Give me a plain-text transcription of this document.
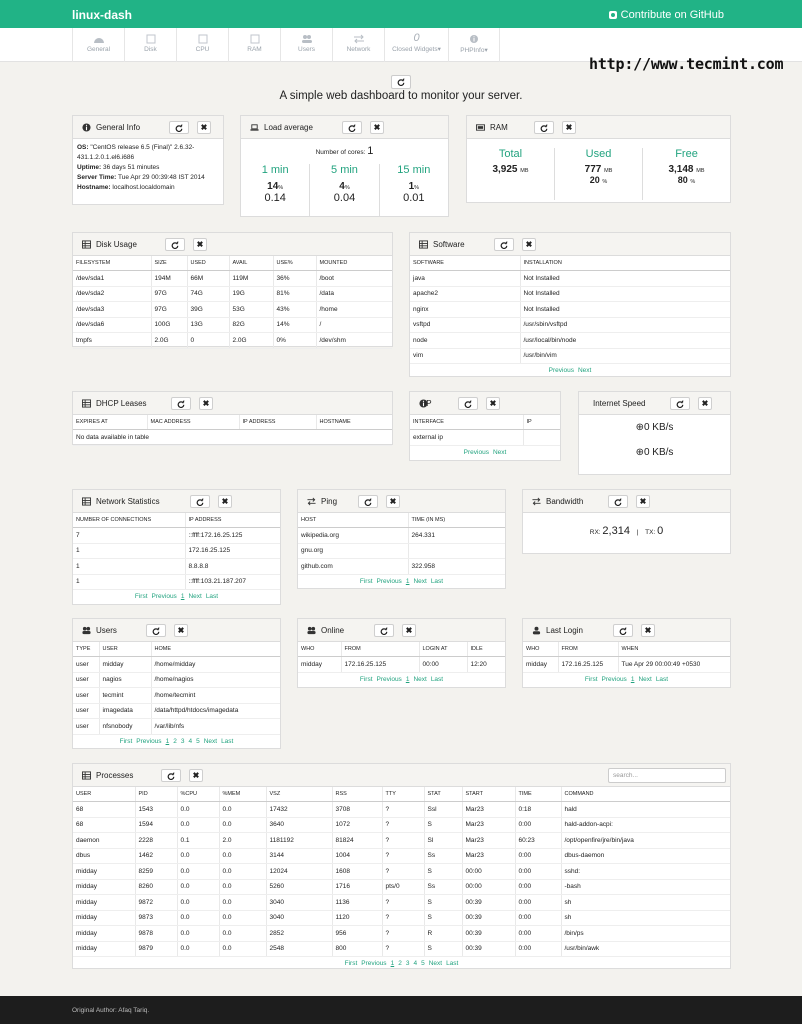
linux-dash	Contribute on GitHub
General	Disk	CPU	RAM	Users	Network
0
Closed Widgets▾	PHPInfo▾
http://www.tecmint.com
A simple web dashboard to monitor your server.
General Info	✖
OS: "CentOS release 6.5 (Final)" 2.6.32-431.1.2.0.1.el6.i686
Uptime: 36 days 51 minutes
Server Time: Tue Apr 29 00:39:48 IST 2014
Hostname: localhost.localdomain
Load average	✖
Number of cores: 1
1 min
14%
0.14
5 min
4%
0.04
15 min
1%
0.01
RAM	✖
Total
3,925 MB
Used
777 MB
20 %
Free
3,148 MB
80 %
Disk Usage	✖
FILESYSTEM	SIZE	USED	AVAIL	USE%	MOUNTED
/dev/sda1	194M	66M	119M	36%	/boot
/dev/sda2	97G	74G	19G	81%	/data
/dev/sda3	97G	39G	53G	43%	/home
/dev/sda6	100G	13G	82G	14%	/
tmpfs	2.0G	0	2.0G	0%	/dev/shm
Software	✖
SOFTWARE	INSTALLATION
java	Not Installed
apache2	Not Installed
nginx	Not Installed
vsftpd	/usr/sbin/vsftpd
node	/usr/local/bin/node
vim	/usr/bin/vim
Previous Next
DHCP Leases	✖
EXPIRES AT	MAC ADDRESS	IP ADDRESS	HOSTNAME
No data available in table
IP	✖
INTERFACE	IP
external ip	
Previous Next
Internet Speed	✖
⊕0 KB/s
⊕0 KB/s
Network Statistics	✖
NUMBER OF CONNECTIONS	IP ADDRESS
7	::ffff:172.16.25.125
1	172.16.25.125
1	8.8.8.8
1	::ffff:103.21.187.207
First Previous 1 Next Last
Ping	✖
HOST	TIME (IN MS)
wikipedia.org	264.331
gnu.org	
github.com	322.958
First Previous 1 Next Last
Bandwidth	✖
RX: 2,314 | TX: 0
Users	✖
TYPE	USER	HOME
user	midday	/home/midday
user	nagios	/home/nagios
user	tecmint	/home/tecmint
user	imagedata	/data/httpd/htdocs/imagedata
user	nfsnobody	/var/lib/nfs
First Previous 1 2 3 4 5 Next Last
Online	✖
WHO	FROM	LOGIN AT	IDLE
midday	172.16.25.125	00:00	12:20
First Previous 1 Next Last
Last Login	✖
WHO	FROM	WHEN
midday	172.16.25.125	Tue Apr 29 00:00:49 +0530
First Previous 1 Next Last
Processes	✖	search...
USER	PID	%CPU	%MEM	VSZ	RSS	TTY	STAT	START	TIME	COMMAND
68	1543	0.0	0.0	17432	3708	?	Ssl	Mar23	0:18	hald
68	1594	0.0	0.0	3640	1072	?	S	Mar23	0:00	hald-addon-acpi:
daemon	2228	0.1	2.0	1181192	81824	?	Sl	Mar23	60:23	/opt/openfire/jre/bin/java
dbus	1462	0.0	0.0	3144	1004	?	Ss	Mar23	0:00	dbus-daemon
midday	8259	0.0	0.0	12024	1608	?	S	00:00	0:00	sshd:
midday	8260	0.0	0.0	5260	1716	pts/0	Ss	00:00	0:00	-bash
midday	9872	0.0	0.0	3040	1136	?	S	00:39	0:00	sh
midday	9873	0.0	0.0	3040	1120	?	S	00:39	0:00	sh
midday	9878	0.0	0.0	2852	956	?	R	00:39	0:00	/bin/ps
midday	9879	0.0	0.0	2548	800	?	S	00:39	0:00	/usr/bin/awk
First Previous 1 2 3 4 5 Next Last
Original Author: Afaq Tariq.
